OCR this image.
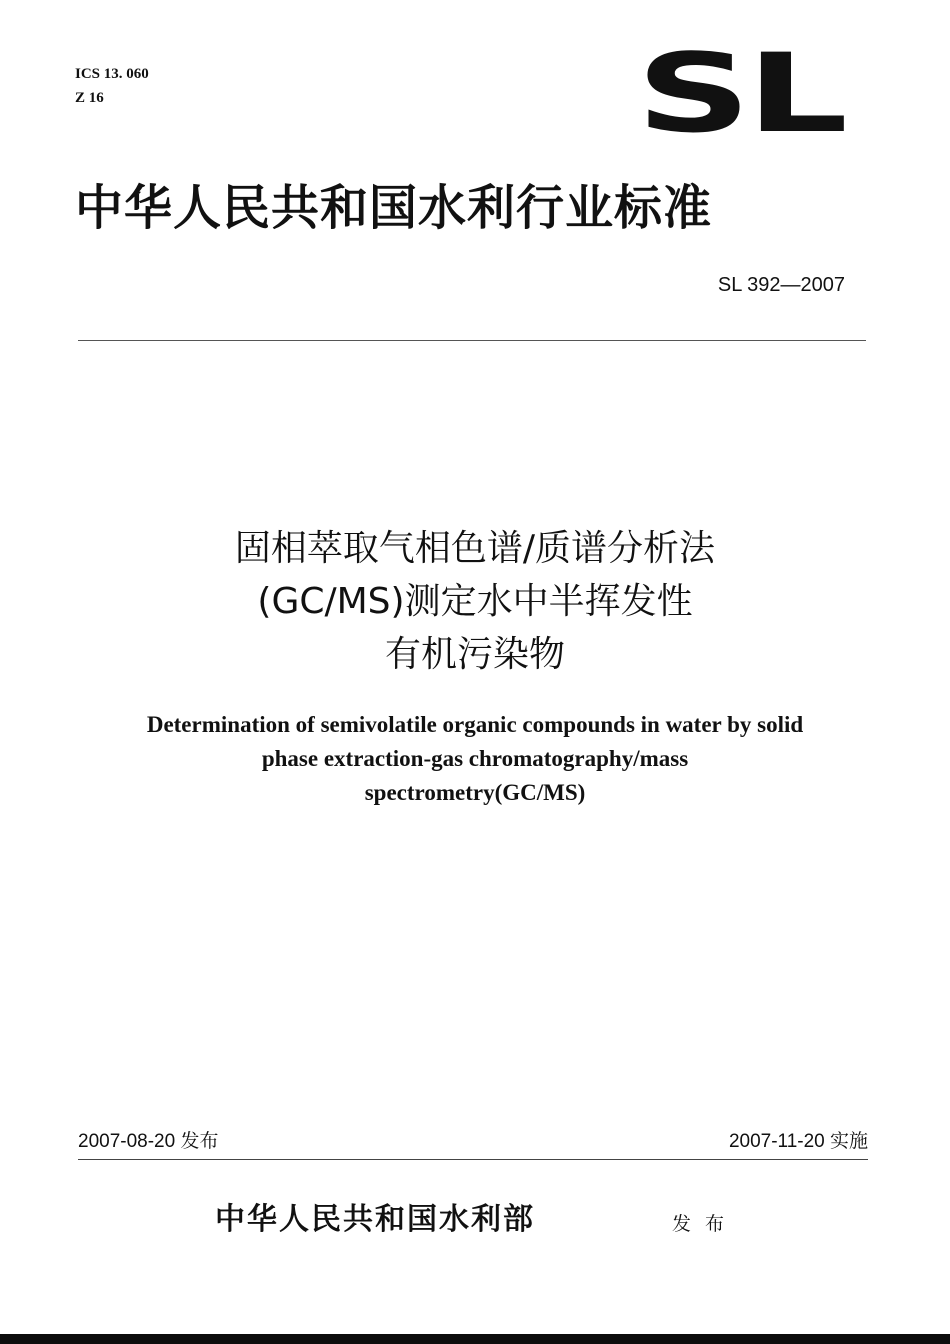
ICS 13. 060
Z 16	SL
中华人民共和国水利行业标准
SL 392—2007
固相萃取气相色谱/质谱分析法
(GC/MS)测定水中半挥发性
有机污染物
Determination of semivolatile organic compounds in water by solid
phase extraction-gas chromatography/mass
spectrometry(GC/MS)
2007-08-20 发布	2007-11-20 实施
中华人民共和国水利部	发布
